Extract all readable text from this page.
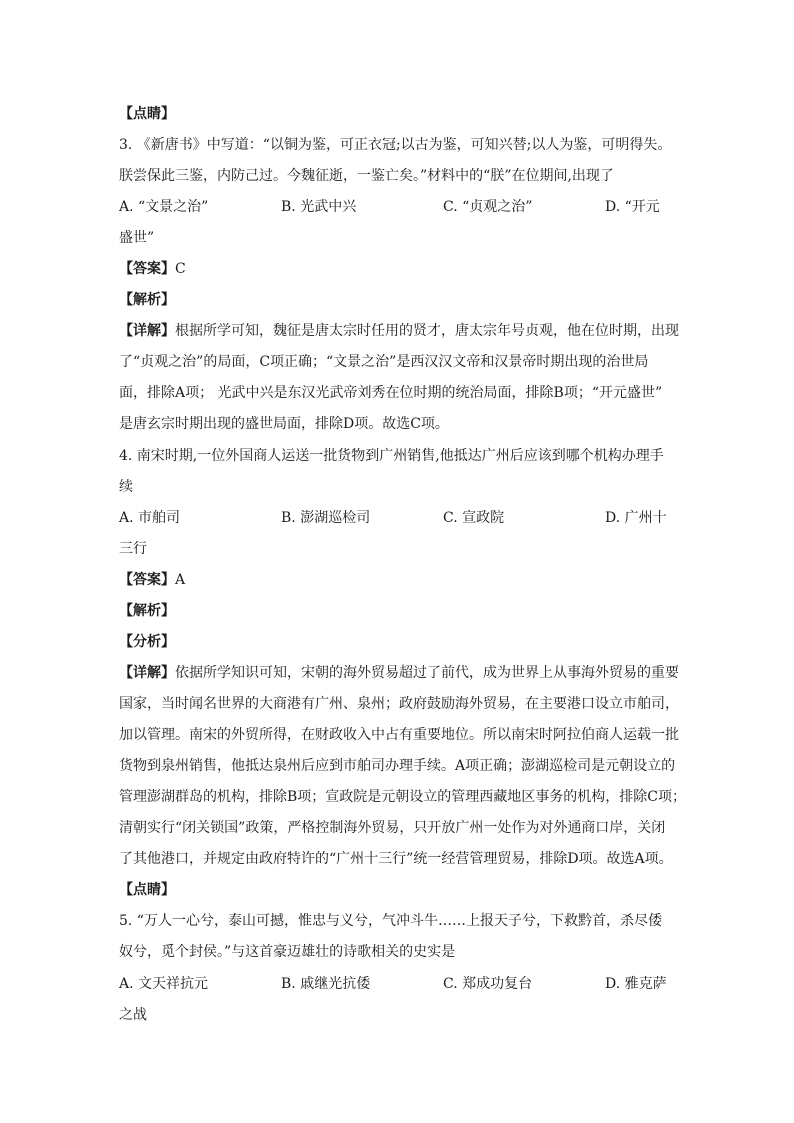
【点睛】
3. 《新唐书》中写道：“以铜为鉴，可正衣冠;以古为鉴，可知兴替;以人为鉴，可明得失。
朕尝保此三鉴，内防己过。今魏征逝，一鉴亡矣。”材料中的“朕”在位期间,出现了
A. “文景之治”	B. 光武中兴	C. “贞观之治”	D. “开元
盛世”
【答案】C
【解析】
【详解】根据所学可知，魏征是唐太宗时任用的贤才，唐太宗年号贞观，他在位时期，出现
了“贞观之治”的局面，C项正确；“文景之治”是西汉汉文帝和汉景帝时期出现的治世局
面，排除A项； 光武中兴是东汉光武帝刘秀在位时期的统治局面，排除B项；“开元盛世”
是唐玄宗时期出现的盛世局面，排除D项。故选C项。
4. 南宋时期,一位外国商人运送一批货物到广州销售,他抵达广州后应该到哪个机构办理手
续
A. 市舶司	B. 澎湖巡检司	C. 宣政院	D. 广州十
三行
【答案】A
【解析】
【分析】
【详解】依据所学知识可知，宋朝的海外贸易超过了前代，成为世界上从事海外贸易的重要
国家，当时闻名世界的大商港有广州、泉州；政府鼓励海外贸易，在主要港口设立市舶司，
加以管理。南宋的外贸所得，在财政收入中占有重要地位。所以南宋时阿拉伯商人运载一批
货物到泉州销售，他抵达泉州后应到市舶司办理手续。A项正确；澎湖巡检司是元朝设立的
管理澎湖群岛的机构，排除B项；宣政院是元朝设立的管理西藏地区事务的机构，排除C项；
清朝实行“闭关锁国”政策，严格控制海外贸易，只开放广州一处作为对外通商口岸，关闭
了其他港口，并规定由政府特许的“广州十三行”统一经营管理贸易，排除D项。故选A项。
【点睛】
5. “万人一心兮，泰山可撼，惟忠与义兮，气冲斗牛……上报天子兮，下救黔首，杀尽倭
奴兮，觅个封侯。”与这首豪迈雄壮的诗歌相关的史实是
A. 文天祥抗元	B. 戚继光抗倭	C. 郑成功复台	D. 雅克萨
之战
